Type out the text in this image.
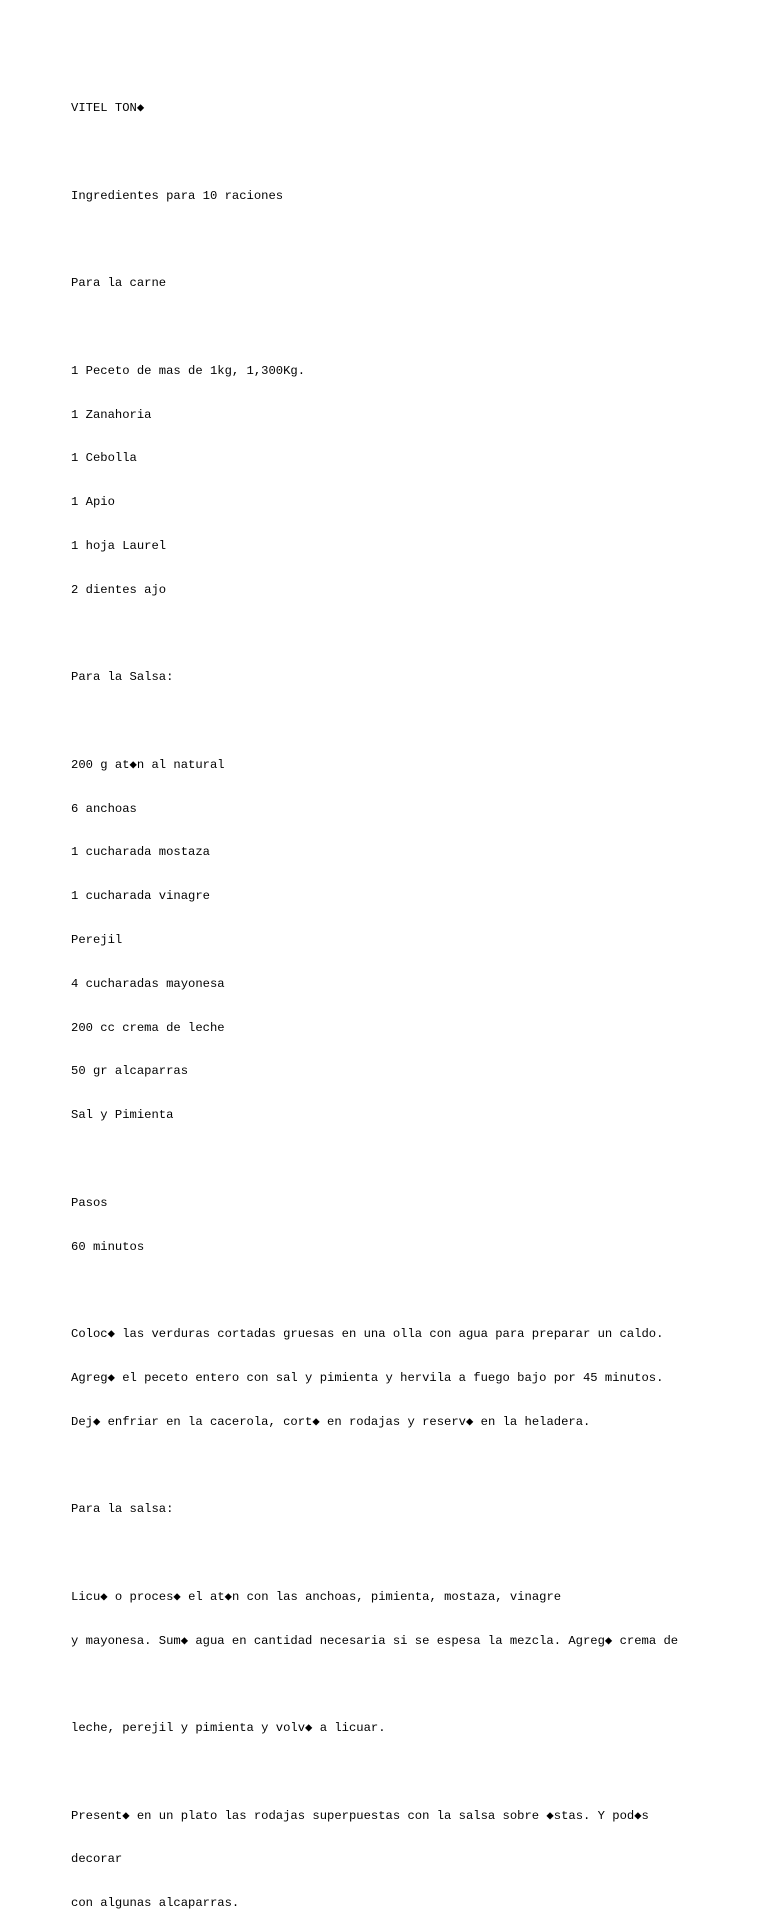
VITEL TON◆

Ingredientes para 10 raciones

Para la carne

1 Peceto de mas de 1kg, 1,300Kg.

1 Zanahoria

1 Cebolla

1 Apio

1 hoja Laurel

2 dientes ajo

Para la Salsa:

200 g at◆n al natural

6 anchoas

1 cucharada mostaza

1 cucharada vinagre

Perejil

4 cucharadas mayonesa

200 cc crema de leche

50 gr alcaparras

Sal y Pimienta

Pasos

60 minutos

Coloc◆ las verduras cortadas gruesas en una olla con agua para preparar un caldo.

Agreg◆ el peceto entero con sal y pimienta y hervila a fuego bajo por 45 minutos.

Dej◆ enfriar en la cacerola, cort◆ en rodajas y reserv◆ en la heladera.

Para la salsa:

Licu◆ o proces◆ el at◆n con las anchoas, pimienta, mostaza, vinagre

y mayonesa. Sum◆ agua en cantidad necesaria si se espesa la mezcla. Agreg◆ crema de

leche, perejil y pimienta y volv◆ a licuar.

Present◆ en un plato las rodajas superpuestas con la salsa sobre ◆stas. Y pod◆s

decorar

con algunas alcaparras.
